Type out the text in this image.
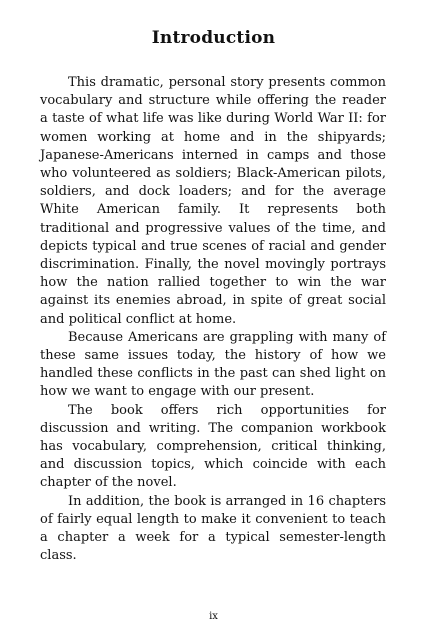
Introduction

This dramatic, personal story presents common vocabulary and structure while offering the reader a taste of what life was like during World War II: for women working at home and in the shipyards; Japanese-Americans interned in camps and those who volunteered as soldiers; Black-American pilots, soldiers, and dock loaders; and for the average White American family. It represents both traditional and progressive values of the time, and depicts typical and true scenes of racial and gender discrimination. Finally, the novel movingly portrays how the nation rallied together to win the war against its enemies abroad, in spite of great social and political conflict at home.

Because Americans are grappling with many of these same issues today, the history of how we handled these conflicts in the past can shed light on how we want to engage with our present.

The book offers rich opportunities for discussion and writing. The companion workbook has vocabulary, comprehension, critical thinking, and discussion topics, which coincide with each chapter of the novel.

In addition, the book is arranged in 16 chapters of fairly equal length to make it convenient to teach a chapter a week for a typical semester-length class.

ix
